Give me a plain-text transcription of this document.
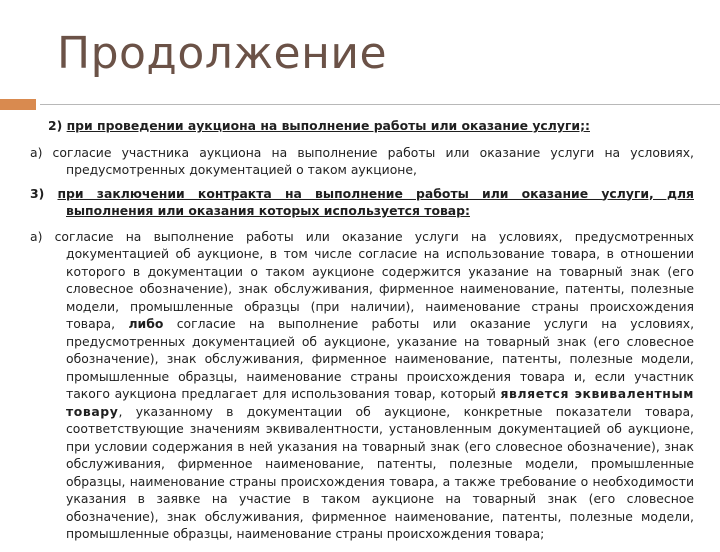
Продолжение

2) при проведении аукциона на выполнение работы или оказание услуги;:

а) согласие участника аукциона на выполнение работы или оказание услуги на условиях, предусмотренных документацией о таком аукционе,

3) при заключении контракта на выполнение работы или оказание услуги, для выполнения или оказания которых используется товар:

а) согласие на выполнение работы или оказание услуги на условиях, предусмотренных документацией об аукционе, в том числе согласие на использование товара, в отношении которого в документации о таком аукционе содержится указание на товарный знак (его словесное обозначение), знак обслуживания, фирменное наименование, патенты, полезные модели, промышленные образцы (при наличии), наименование страны происхождения товара, либо согласие на выполнение работы или оказание услуги на условиях, предусмотренных документацией об аукционе, указание на товарный знак (его словесное обозначение), знак обслуживания, фирменное наименование, патенты, полезные модели, промышленные образцы, наименование страны происхождения товара и, если участник такого аукциона предлагает для использования товар, который является эквивалентным товару, указанному в документации об аукционе, конкретные показатели товара, соответствующие значениям эквивалентности, установленным документацией об аукционе, при условии содержания в ней указания на товарный знак (его словесное обозначение), знак обслуживания, фирменное наименование, патенты, полезные модели, промышленные образцы, наименование страны происхождения товара, а также требование о необходимости указания в заявке на участие в таком аукционе на товарный знак (его словесное обозначение), знак обслуживания, фирменное наименование, патенты, полезные модели, промышленные образцы, наименование страны происхождения товара;
